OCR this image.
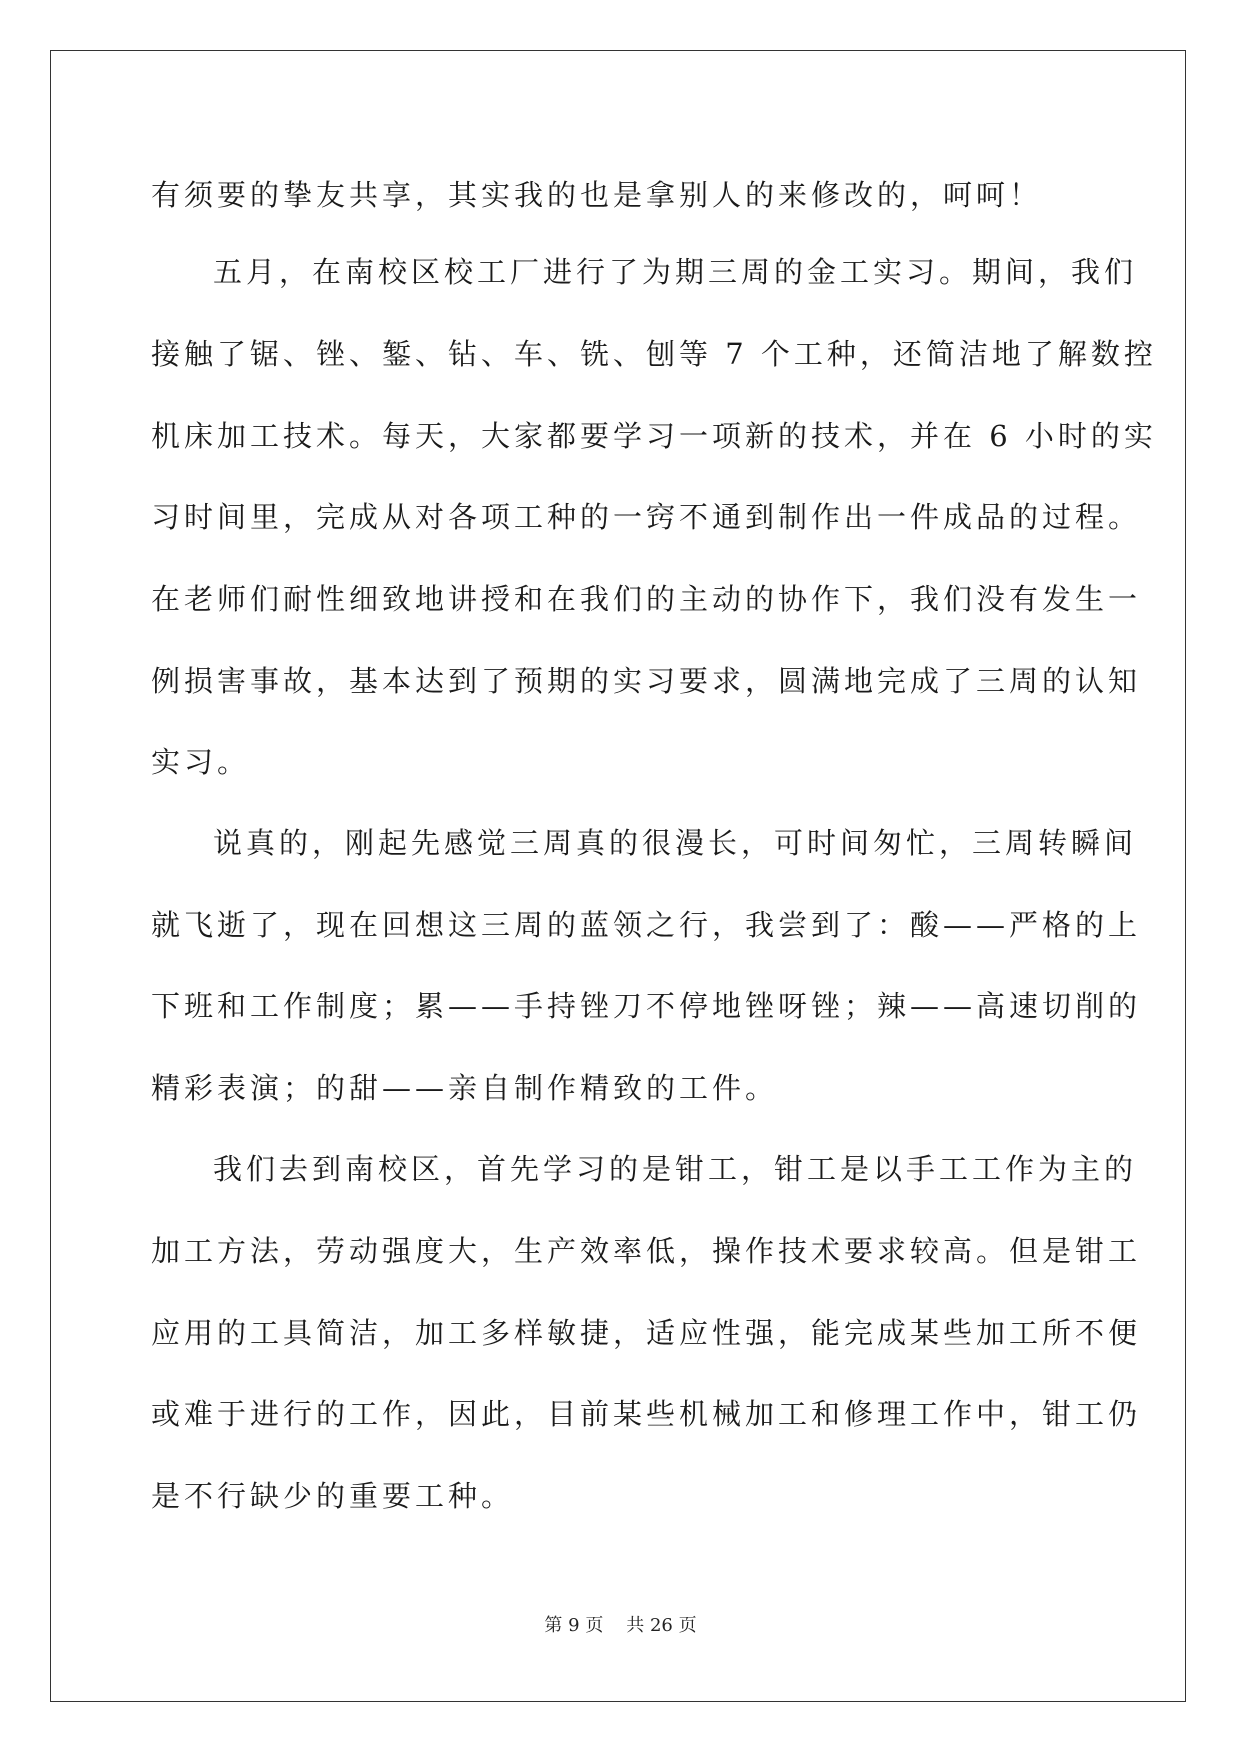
有须要的挚友共享，其实我的也是拿别人的来修改的，呵呵！
五月，在南校区校工厂进行了为期三周的金工实习。期间，我们
接触了锯、锉、錾、钻、车、铣、刨等 7 个工种，还简洁地了解数控
机床加工技术。每天，大家都要学习一项新的技术，并在 6 小时的实
习时间里，完成从对各项工种的一窍不通到制作出一件成品的过程。
在老师们耐性细致地讲授和在我们的主动的协作下，我们没有发生一
例损害事故，基本达到了预期的实习要求，圆满地完成了三周的认知
实习。
说真的，刚起先感觉三周真的很漫长，可时间匆忙，三周转瞬间
就飞逝了，现在回想这三周的蓝领之行，我尝到了：酸——严格的上
下班和工作制度；累——手持锉刀不停地锉呀锉；辣——高速切削的
精彩表演；的甜——亲自制作精致的工件。
我们去到南校区，首先学习的是钳工，钳工是以手工工作为主的
加工方法，劳动强度大，生产效率低，操作技术要求较高。但是钳工
应用的工具简洁，加工多样敏捷，适应性强，能完成某些加工所不便
或难于进行的工作，因此，目前某些机械加工和修理工作中，钳工仍
是不行缺少的重要工种。
第 9 页 共 26 页
